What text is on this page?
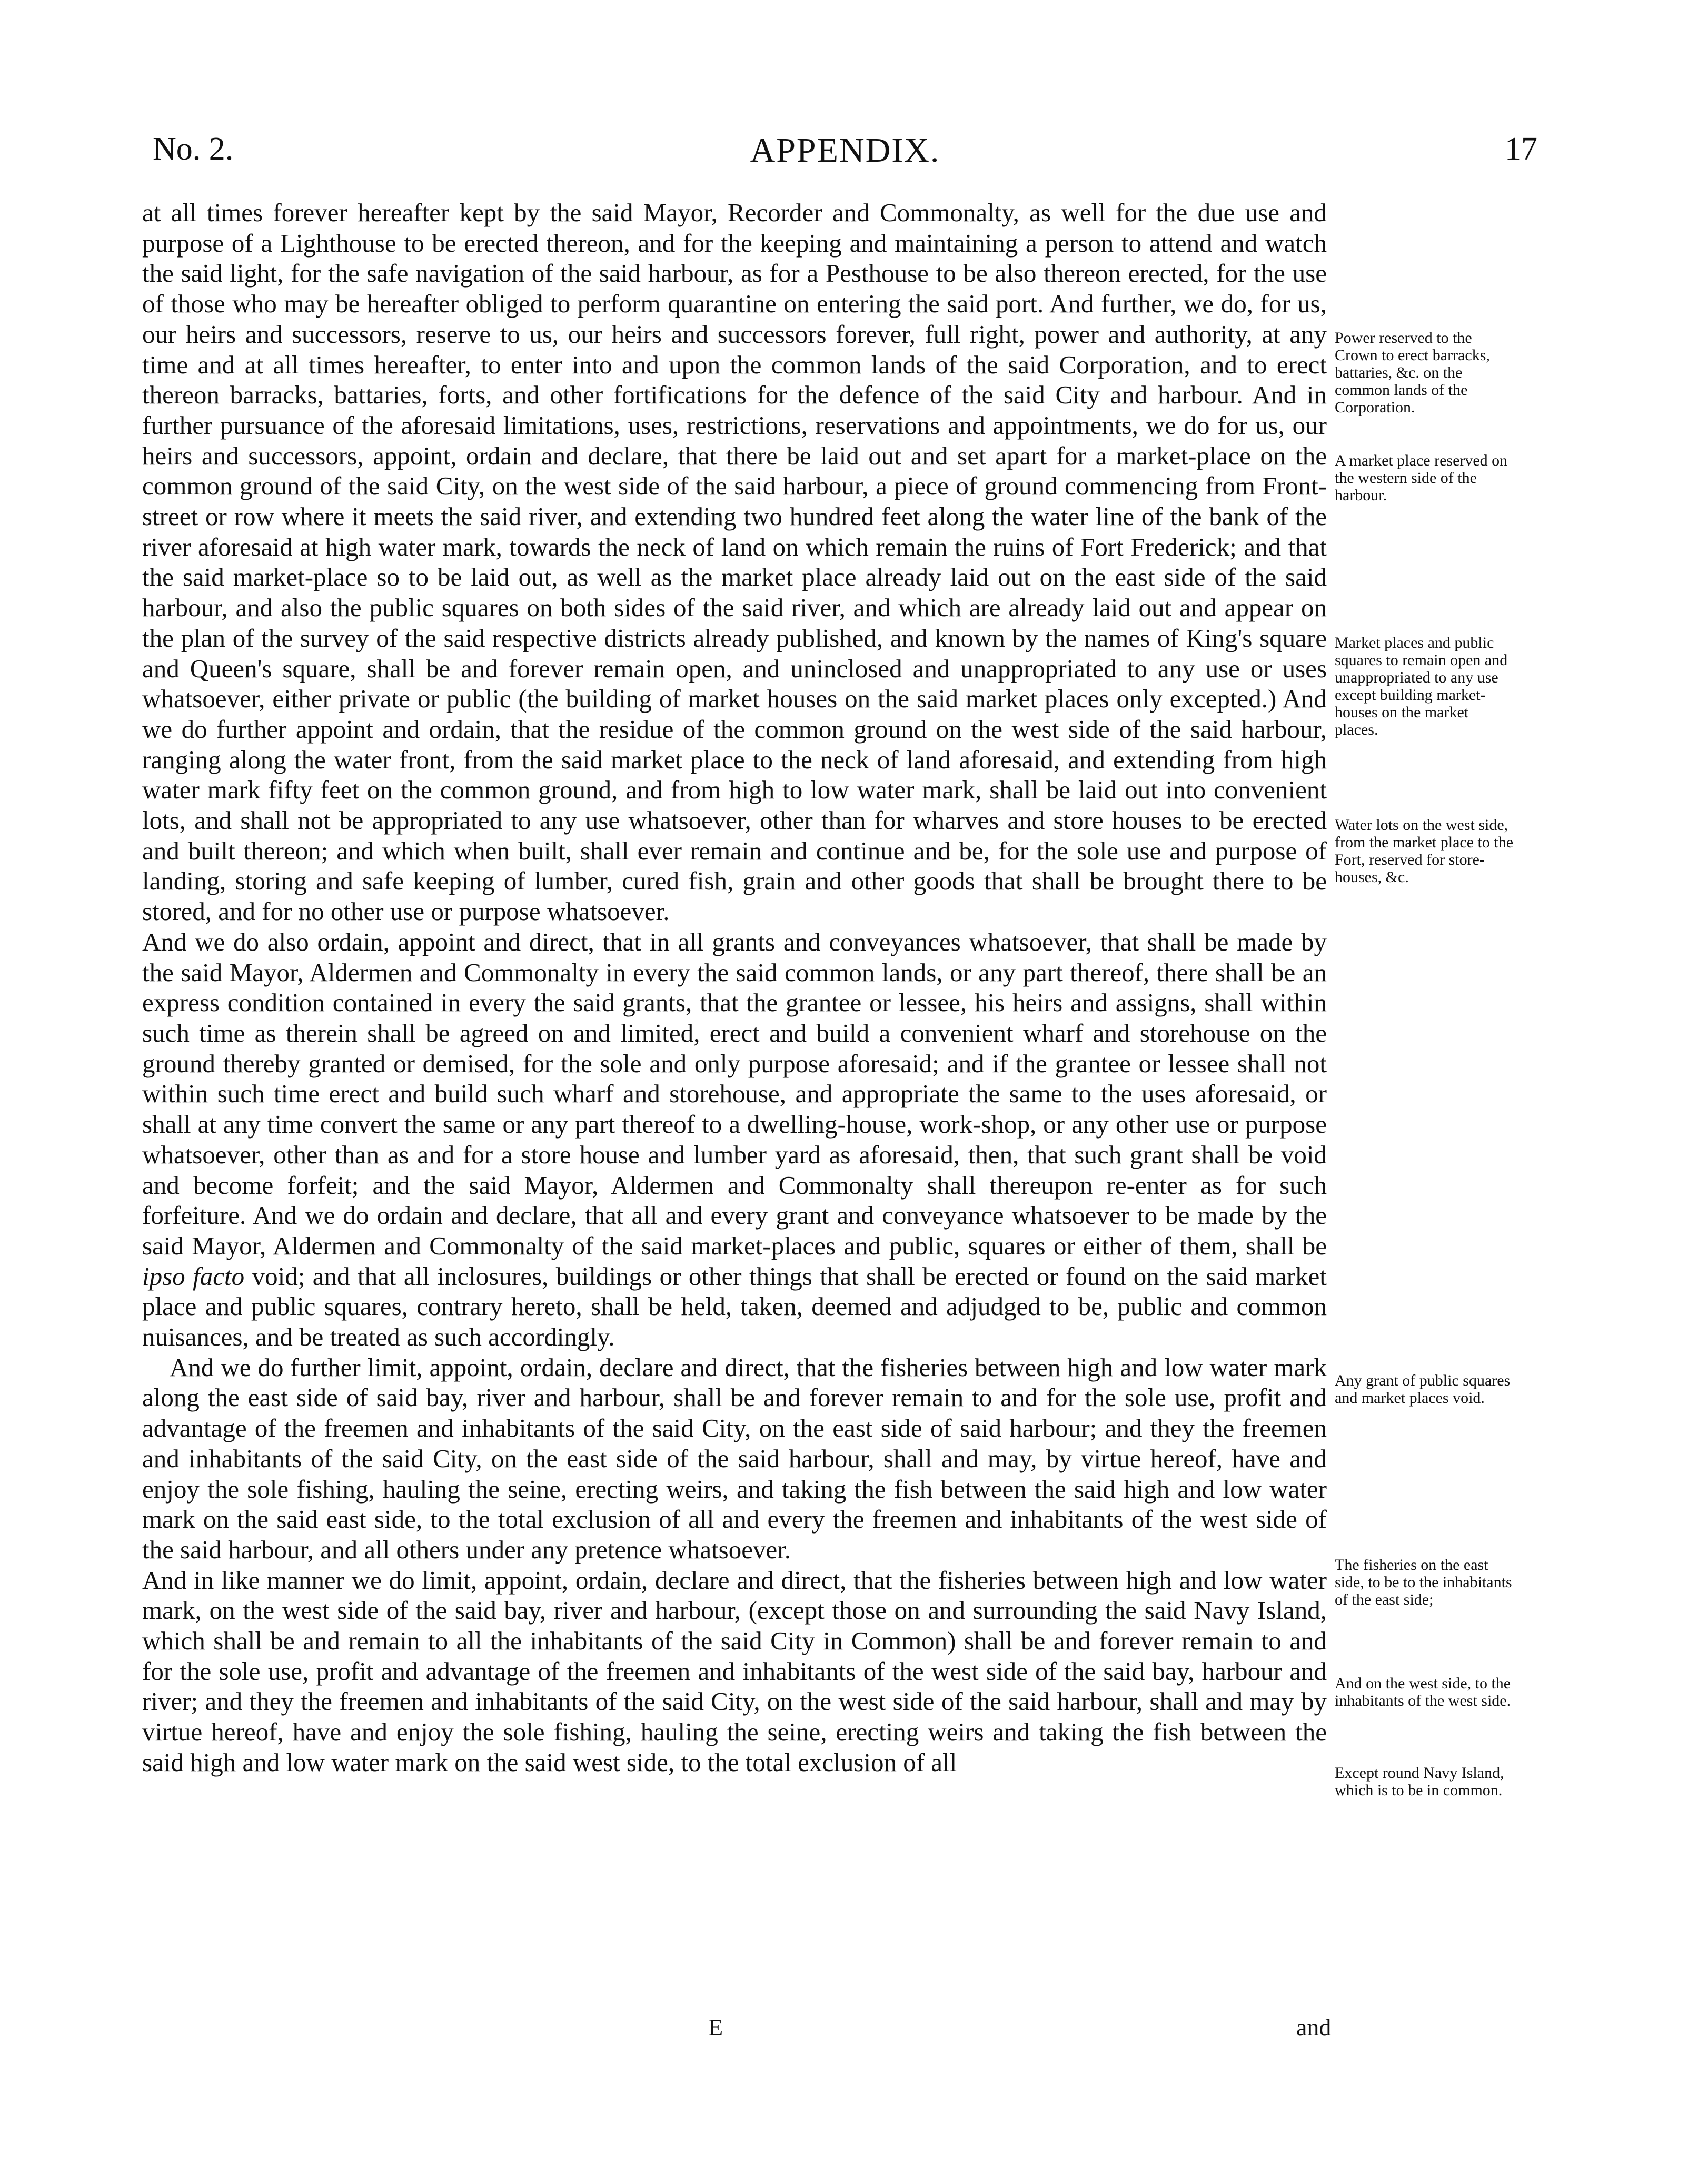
No. 2.	APPENDIX.	17

at all times forever hereafter kept by the said Mayor, Recorder and Commonalty, as well for the due use and purpose of a Lighthouse to be erected thereon, and for the keeping and maintaining a person to attend and watch the said light, for the safe navigation of the said harbour, as for a Pesthouse to be also thereon erected, for the use of those who may be hereafter obliged to perform quarantine on entering the said port. And further, we do, for us, our heirs and successors, reserve to us, our heirs and successors forever, full right, power and authority, at any time and at all times hereafter, to enter into and upon the common lands of the said Corporation, and to erect thereon barracks, battaries, forts, and other fortifications for the defence of the said City and harbour. And in further pursuance of the aforesaid limitations, uses, restrictions, reservations and appointments, we do for us, our heirs and successors, appoint, ordain and declare, that there be laid out and set apart for a market-place on the common ground of the said City, on the west side of the said harbour, a piece of ground commencing from Front-street or row where it meets the said river, and extending two hundred feet along the water line of the bank of the river aforesaid at high water mark, towards the neck of land on which remain the ruins of Fort Frederick; and that the said market-place so to be laid out, as well as the market place already laid out on the east side of the said harbour, and also the public squares on both sides of the said river, and which are already laid out and appear on the plan of the survey of the said respective districts already published, and known by the names of King's square and Queen's square, shall be and forever remain open, and uninclosed and unappropriated to any use or uses whatsoever, either private or public (the building of market houses on the said market places only excepted.) And we do further appoint and ordain, that the residue of the common ground on the west side of the said harbour, ranging along the water front, from the said market place to the neck of land aforesaid, and extending from high water mark fifty feet on the common ground, and from high to low water mark, shall be laid out into convenient lots, and shall not be appropriated to any use whatsoever, other than for wharves and store houses to be erected and built thereon; and which when built, shall ever remain and continue and be, for the sole use and purpose of landing, storing and safe keeping of lumber, cured fish, grain and other goods that shall be brought there to be stored, and for no other use or purpose whatsoever.

And we do also ordain, appoint and direct, that in all grants and conveyances whatsoever, that shall be made by the said Mayor, Aldermen and Commonalty in every the said common lands, or any part thereof, there shall be an express condition contained in every the said grants, that the grantee or lessee, his heirs and assigns, shall within such time as therein shall be agreed on and limited, erect and build a convenient wharf and storehouse on the ground thereby granted or demised, for the sole and only purpose aforesaid; and if the grantee or lessee shall not within such time erect and build such wharf and storehouse, and appropriate the same to the uses aforesaid, or shall at any time convert the same or any part thereof to a dwelling-house, work-shop, or any other use or purpose whatsoever, other than as and for a store house and lumber yard as aforesaid, then, that such grant shall be void and become forfeit; and the said Mayor, Aldermen and Commonalty shall thereupon re-enter as for such forfeiture. And we do ordain and declare, that all and every grant and conveyance whatsoever to be made by the said Mayor, Aldermen and Commonalty of the said market-places and public, squares or either of them, shall be ipso facto void; and that all inclosures, buildings or other things that shall be erected or found on the said market place and public squares, contrary hereto, shall be held, taken, deemed and adjudged to be, public and common nuisances, and be treated as such accordingly.

And we do further limit, appoint, ordain, declare and direct, that the fisheries between high and low water mark along the east side of said bay, river and harbour, shall be and forever remain to and for the sole use, profit and advantage of the freemen and inhabitants of the said City, on the east side of said harbour; and they the freemen and inhabitants of the said City, on the east side of the said harbour, shall and may, by virtue hereof, have and enjoy the sole fishing, hauling the seine, erecting weirs, and taking the fish between the said high and low water mark on the said east side, to the total exclusion of all and every the freemen and inhabitants of the west side of the said harbour, and all others under any pretence whatsoever.

And in like manner we do limit, appoint, ordain, declare and direct, that the fisheries between high and low water mark, on the west side of the said bay, river and harbour, (except those on and surrounding the said Navy Island, which shall be and remain to all the inhabitants of the said City in Common) shall be and forever remain to and for the sole use, profit and advantage of the freemen and inhabitants of the west side of the said bay, harbour and river; and they the freemen and inhabitants of the said City, on the west side of the said harbour, shall and may by virtue hereof, have and enjoy the sole fishing, hauling the seine, erecting weirs and taking the fish between the said high and low water mark on the said west side, to the total exclusion of all

Power reserved to the Crown to erect barracks, battaries, &c. on the common lands of the Corporation.
A market place reserved on the western side of the harbour.
Market places and public squares to remain open and unappropriated to any use except building market-houses on the market places.
Water lots on the west side, from the market place to the Fort, reserved for store-houses, &c.
Any grant of public squares and market places void.
The fisheries on the east side, to be to the inhabitants of the east side;
And on the west side, to the inhabitants of the west side.
Except round Navy Island, which is to be in common.
E	and
